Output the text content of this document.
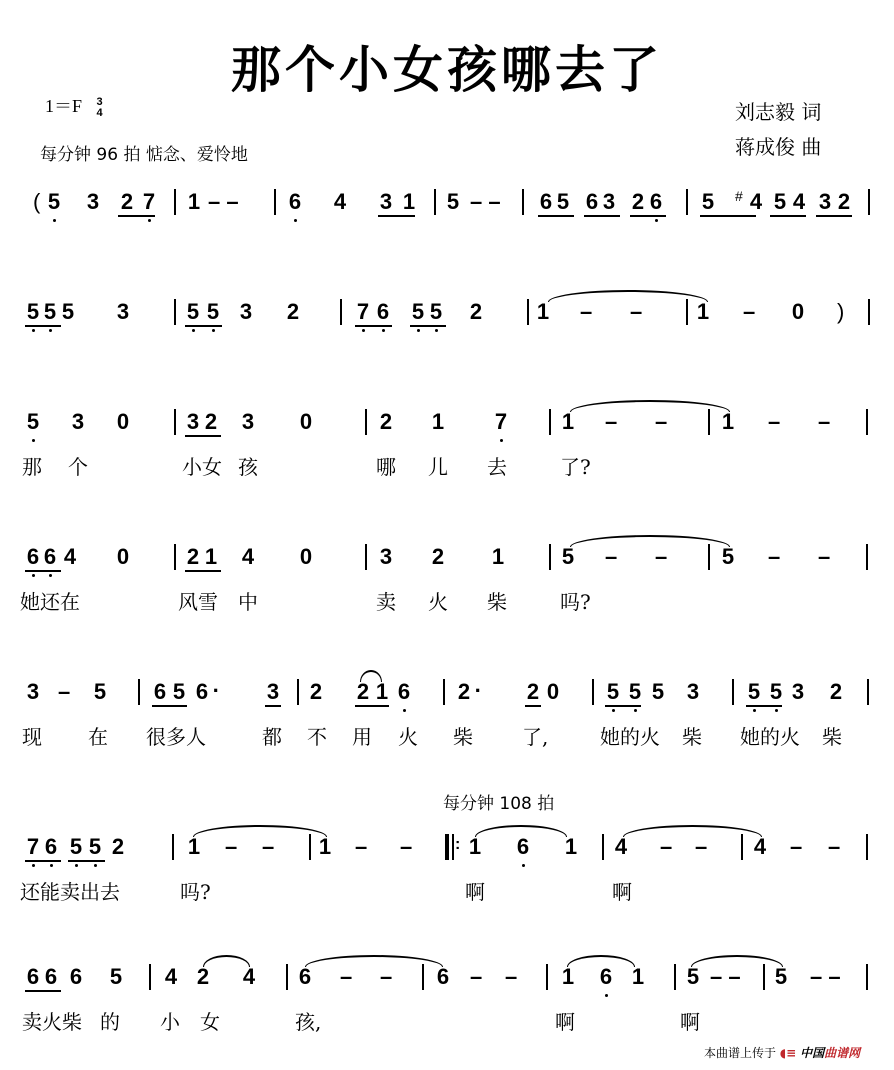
那个小女孩哪去了
1＝F 3
4
每分钟 96 拍 惦念、爱怜地
刘志毅 词
蒋成俊 曲
每分钟 108 拍
5 3 2 7 1	6 4 3 1 5	6 5 6 3 2 6 5 4 5 4 3 2
(	#
– –	– –
5 5 5 3	5 5 3 2	7 6 5 5 2 1	1	0 )
– –	–
5 3 0	3 2 3 0	2 1 7 1	1
– –	– –
那 个	小女 孩	哪 儿 去	了?
6 6 4 0	2 1 4 0	3 2 1	5	5
– –	– –
她还在	风雪 中	卖 火 柴	吗?
3 5 6 5 6 ·	3 2 2 1 6 2 ·	2 0 5 5 5 3 5 5 3 2
–
现 在 很多人	都 不 用 火 柴 了,	她的火 柴 她的火 柴
7 6 5 5 2	1	1	1 6 1 4	4
– –	– –	– –	– –
:
还能卖出去	吗?	啊	啊
6 6 6 5 4 2 4 6	6	1 6 1 5	5
– –	– –	– –	– –
卖火柴 的 小 女	孩,	啊	啊
本曲谱上传于 ◖≡ 中国曲谱网
